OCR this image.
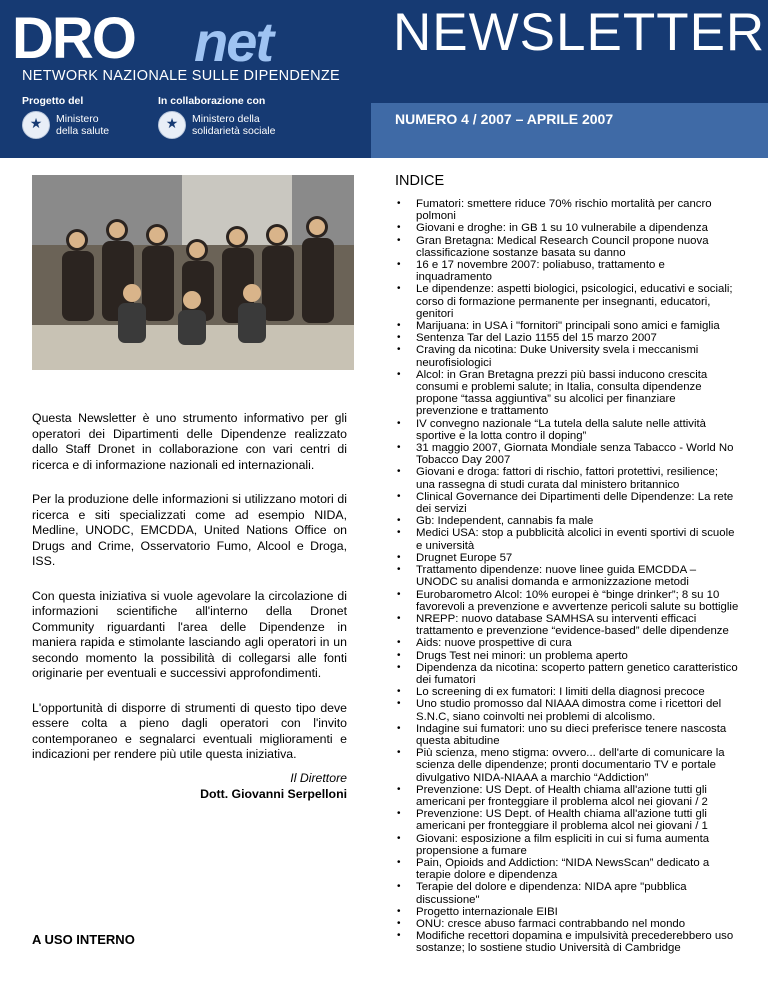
DRO net
NETWORK NAZIONALE SULLE DIPENDENZE
Progetto del
★
Ministero
della salute
In collaborazione con
★
Ministero della
solidarietà sociale
NEWSLETTER
NUMERO 4 / 2007 – APRILE 2007

Questa Newsletter è uno strumento informativo per gli operatori dei Dipartimenti delle Dipendenze realizzato dallo Staff Dronet in collaborazione con vari centri di ricerca e di informazione nazionali ed internazionali.

Per la produzione delle informazioni si utilizzano motori di ricerca e siti specializzati come ad esempio NIDA, Medline, UNODC, EMCDDA, United Nations Office on Drugs and Crime, Osservatorio Fumo, Alcool e Droga, ISS.

Con questa iniziativa si vuole agevolare la circolazione di informazioni scientifiche all'interno della Dronet Community riguardanti l'area delle Dipendenze in maniera rapida e stimolante lasciando agli operatori in un secondo momento la possibilità di collegarsi alle fonti originarie per eventuali e successivi approfondimenti.

L'opportunità di disporre di strumenti di questo tipo deve essere colta a pieno dagli operatori con l'invito contemporaneo e segnalarci eventuali miglioramenti e indicazioni per rendere più utile questa iniziativa.

Il Direttore
Dott. Giovanni Serpelloni
A USO INTERNO
INDICE
• Fumatori: smettere riduce 70% rischio mortalità per cancro
polmoni
• Giovani e droghe: in GB 1 su 10 vulnerabile a dipendenza
• Gran Bretagna: Medical Research Council propone nuova
classificazione sostanze basata su danno
• 16 e 17 novembre 2007: poliabuso, trattamento e
inquadramento
• Le dipendenze: aspetti biologici, psicologici, educativi e sociali;
corso di formazione permanente per insegnanti, educatori,
genitori
• Marijuana: in USA i "fornitori" principali sono amici e famiglia
• Sentenza Tar del Lazio 1155 del 15 marzo 2007
• Craving da nicotina: Duke University svela i meccanismi
neurofisiologici
• Alcol: in Gran Bretagna prezzi più bassi inducono crescita
consumi e problemi salute; in Italia, consulta dipendenze
propone “tassa aggiuntiva” su alcolici per finanziare
prevenzione e trattamento
• IV convegno nazionale “La tutela della salute nelle attività
sportive e la lotta contro il doping”
• 31 maggio 2007, Giornata Mondiale senza Tabacco - World No
Tobacco Day 2007
• Giovani e droga: fattori di rischio, fattori protettivi, resilience;
una rassegna di studi curata dal ministero britannico
• Clinical Governance dei Dipartimenti delle Dipendenze: La rete
dei servizi
• Gb: Independent, cannabis fa male
• Medici USA: stop a pubblicità alcolici in eventi sportivi di scuole
e università
• Drugnet Europe 57
• Trattamento dipendenze: nuove linee guida EMCDDA –
UNODC su analisi domanda e armonizzazione metodi
• Eurobarometro Alcol: 10% europei è “binge drinker”; 8 su 10
favorevoli a prevenzione e avvertenze pericoli salute su bottiglie
• NREPP: nuovo database SAMHSA su interventi efficaci
trattamento e prevenzione “evidence-based” delle dipendenze
• Aids: nuove prospettive di cura
• Drugs Test nei minori: un problema aperto
• Dipendenza da nicotina: scoperto pattern genetico caratteristico
dei fumatori
• Lo screening di ex fumatori: I limiti della diagnosi precoce
• Uno studio promosso dal NIAAA dimostra come i ricettori del
S.N.C, siano coinvolti nei problemi di alcolismo.
• Indagine sui fumatori: uno su dieci preferisce tenere nascosta
questa abitudine
• Più scienza, meno stigma: ovvero... dell'arte di comunicare la
scienza delle dipendenze; pronti documentario TV e portale
divulgativo NIDA-NIAAA a marchio “Addiction”
• Prevenzione: US Dept. of Health chiama all'azione tutti gli
americani per fronteggiare il problema alcol nei giovani / 2
• Prevenzione: US Dept. of Health chiama all'azione tutti gli
americani per fronteggiare il problema alcol nei giovani / 1
• Giovani: esposizione a film espliciti in cui si fuma aumenta
propensione a fumare
• Pain, Opioids and Addiction: “NIDA NewsScan” dedicato a
terapie dolore e dipendenza
• Terapie del dolore e dipendenza: NIDA apre "pubblica
discussione"
• Progetto internazionale EIBI
• ONU: cresce abuso farmaci contrabbando nel mondo
• Modifiche recettori dopamina e impulsività precederebbero uso
sostanze; lo sostiene studio Università di Cambridge
